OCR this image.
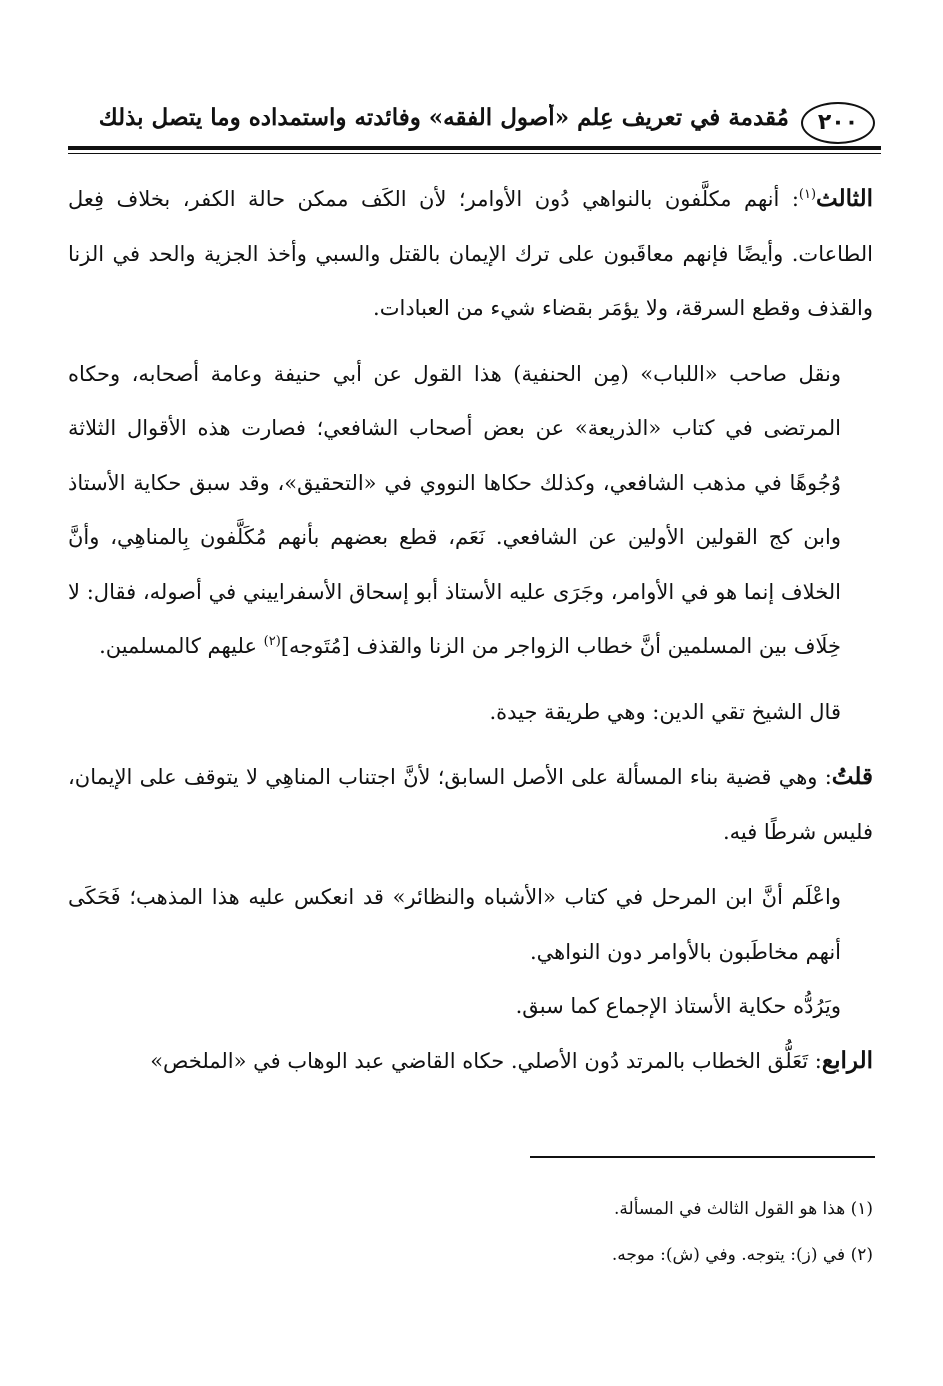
٢٠٠
مُقدمة في تعريف عِلم «أصول الفقه» وفائدته واستمداده وما يتصل بذلك

الثالث$^{(١)}$: أنهم مكلَّفون بالنواهي دُون الأوامر؛ لأن الكَف ممكن حالة الكفر، بخلاف فِعل الطاعات. وأيضًا فإنهم معاقَبون على ترك الإيمان بالقتل والسبي وأخذ الجزية والحد في الزنا والقذف وقطع السرقة، ولا يؤمَر بقضاء شيء من العبادات.

ونقل صاحب «اللباب» (مِن الحنفية) هذا القول عن أبي حنيفة وعامة أصحابه، وحكاه المرتضى في كتاب «الذريعة» عن بعض أصحاب الشافعي؛ فصارت هذه الأقوال الثلاثة وُجُوهًا في مذهب الشافعي، وكذلك حكاها النووي في «التحقيق»، وقد سبق حكاية الأستاذ وابن كج القولين الأولين عن الشافعي. نَعَم، قطع بعضهم بأنهم مُكَلَّفون بِالمناهِي، وأنَّ الخلاف إنما هو في الأوامر، وجَرَى عليه الأستاذ أبو إسحاق الأسفراييني في أصوله، فقال: لا خِلَاف بين المسلمين أنَّ خطاب الزواجر من الزنا والقذف [مُتَوجه]$^{(٢)}$ عليهم كالمسلمين.

قال الشيخ تقي الدين: وهي طريقة جيدة.

قلتُ: وهي قضية بناء المسألة على الأصل السابق؛ لأنَّ اجتناب المناهِي لا يتوقف على الإيمان، فليس شرطًا فيه.

واعْلَم أنَّ ابن المرحل في كتاب «الأشباه والنظائر» قد انعكس عليه هذا المذهب؛ فَحَكَى أنهم مخاطَبون بالأوامر دون النواهي.

ويَرُدُّه حكاية الأستاذ الإجماع كما سبق.

الرابع: تَعَلُّق الخطاب بالمرتد دُون الأصلي. حكاه القاضي عبد الوهاب في «الملخص»

(١) هذا هو القول الثالث في المسألة.

(٢) في (ز): يتوجه. وفي (ش): موجه.
